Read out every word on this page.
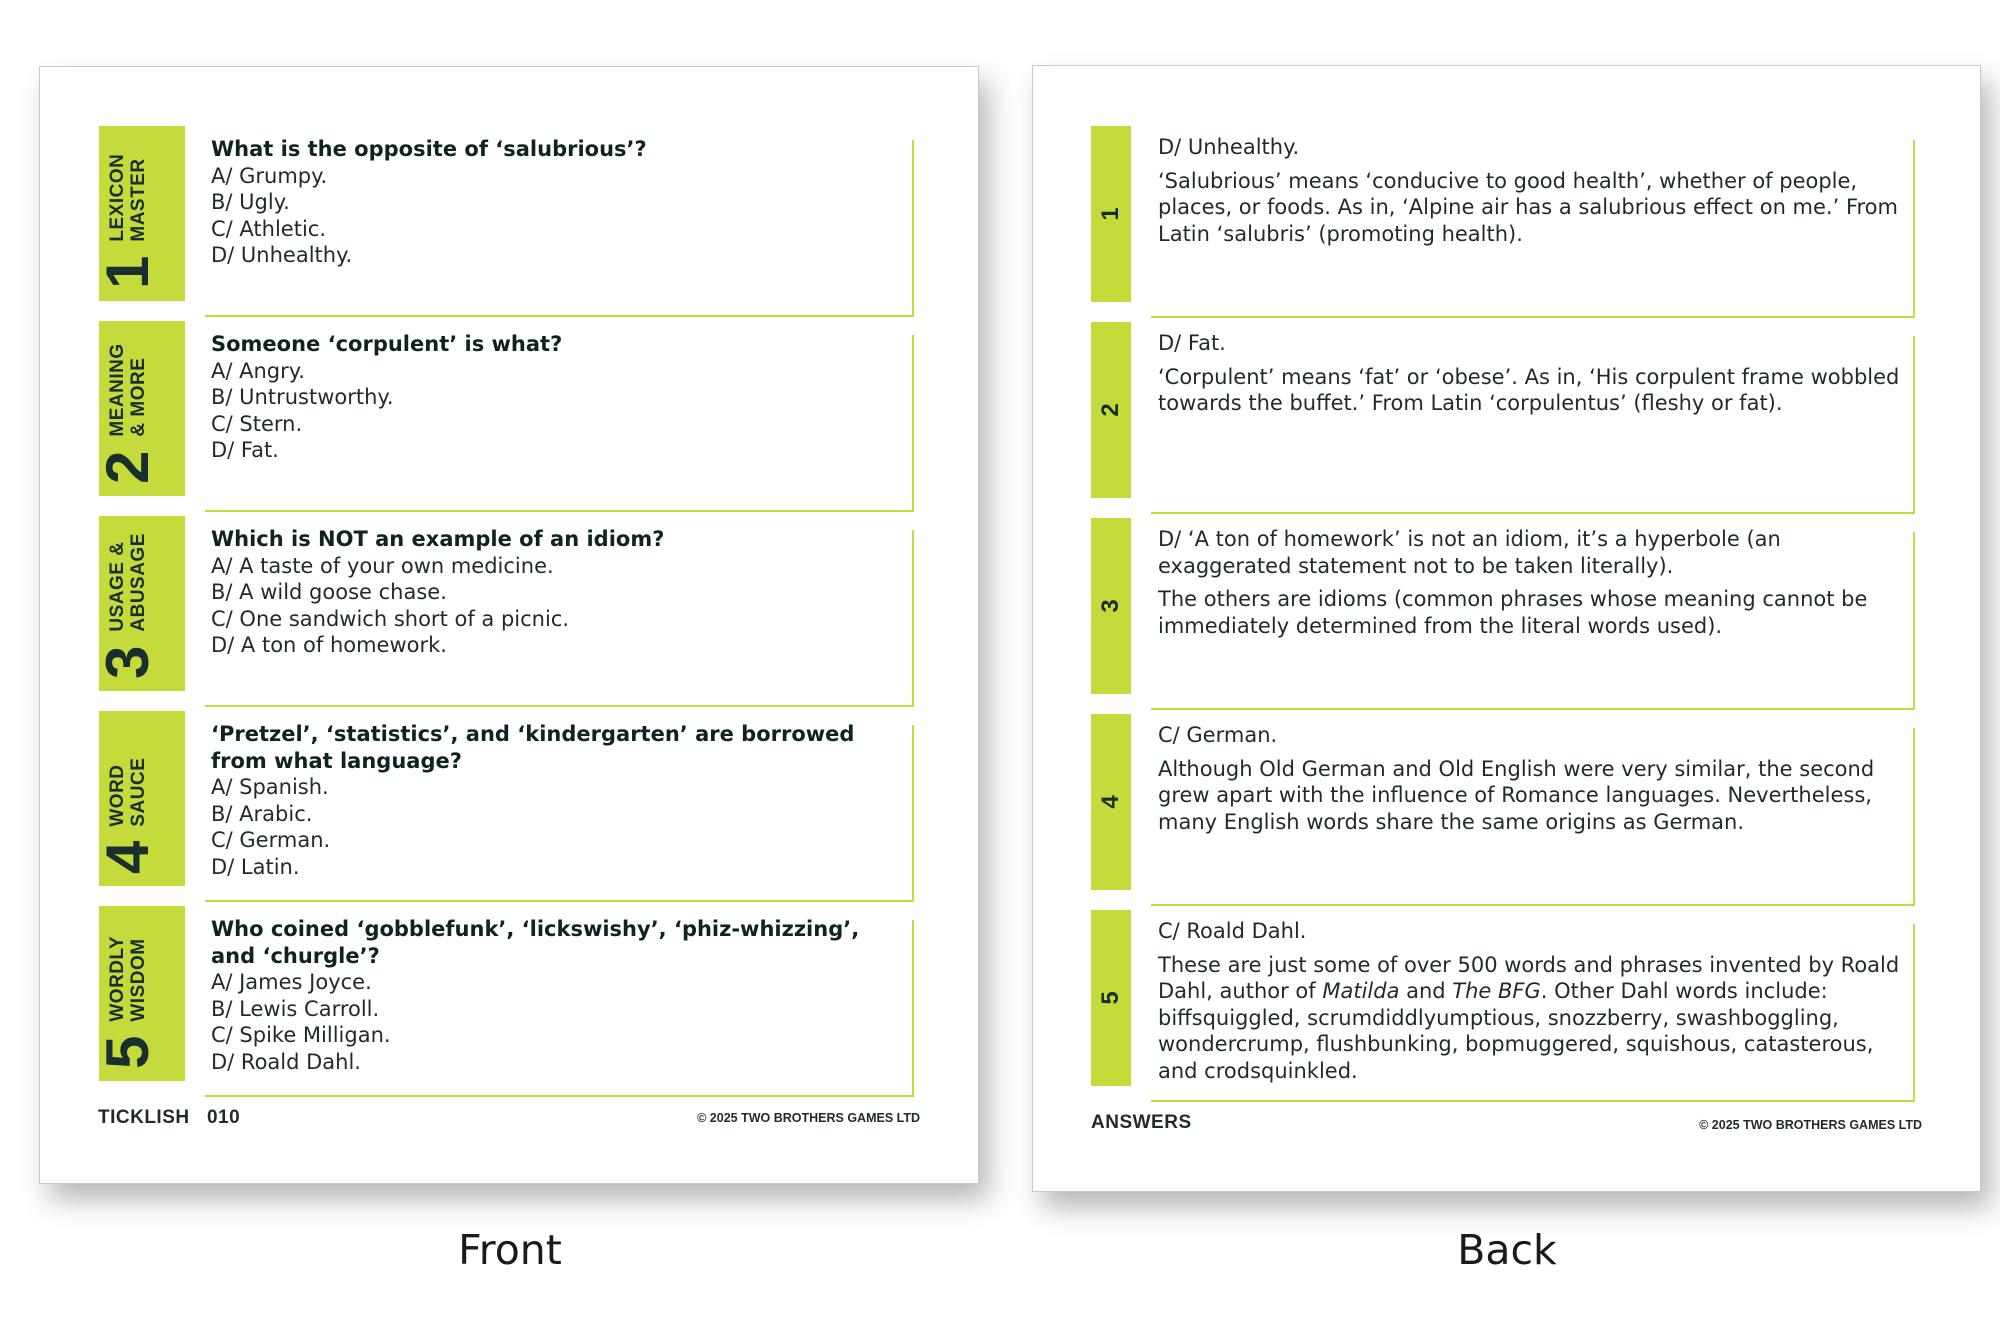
1
LEXICON MASTER
What is the opposite of ‘salubrious’?
A/ Grumpy.
B/ Ugly.
C/ Athletic.
D/ Unhealthy.
2
MEANING & MORE
Someone ‘corpulent’ is what?
A/ Angry.
B/ Untrustworthy.
C/ Stern.
D/ Fat.
3
USAGE & ABUSAGE	Which is NOT an example of an idiom?
A/ A taste of your own medicine.
B/ A wild goose chase.
C/ One sandwich short of a picnic.
D/ A ton of homework.
4
WORD SAUCE
‘Pretzel’, ‘statistics’, and ‘kindergarten’ are borrowed from what language?
A/ Spanish.
B/ Arabic.
C/ German.
D/ Latin.
5
WORDLY WISDOM
Who coined ‘gobblefunk’, ‘lickswishy’, ‘phiz-whizzing’, and ‘churgle’?
A/ James Joyce.
B/ Lewis Carroll.
C/ Spike Milligan.
D/ Roald Dahl.
TICKLISH   010	© 2025 TWO BROTHERS GAMES LTD
1

D/ Unhealthy.

‘Salubrious’ means ‘conducive to good health’, whether of people, places, or foods. As in, ‘Alpine air has a salubrious effect on me.’ From Latin ‘salubris’ (promoting health).

2

D/ Fat.

‘Corpulent’ means ‘fat’ or ‘obese’. As in, ‘His corpulent frame wobbled towards the buffet.’ From Latin ‘corpulentus’ (fleshy or fat).

3

D/ ‘A ton of homework’ is not an idiom, it’s a hyperbole (an exaggerated statement not to be taken literally).

The others are idioms (common phrases whose meaning cannot be immediately determined from the literal words used).

4

C/ German.

Although Old German and Old English were very similar, the second grew apart with the influence of Romance languages. Nevertheless, many English words share the same origins as German.

5

C/ Roald Dahl.

These are just some of over 500 words and phrases invented by Roald Dahl, author of Matilda and The BFG. Other Dahl words include: biffsquiggled, scrumdiddlyumptious, snozzberry, swashboggling, wondercrump, flushbunking, bopmuggered, squishous, catasterous, and crodsquinkled.

ANSWERS	© 2025 TWO BROTHERS GAMES LTD
Front	Back
